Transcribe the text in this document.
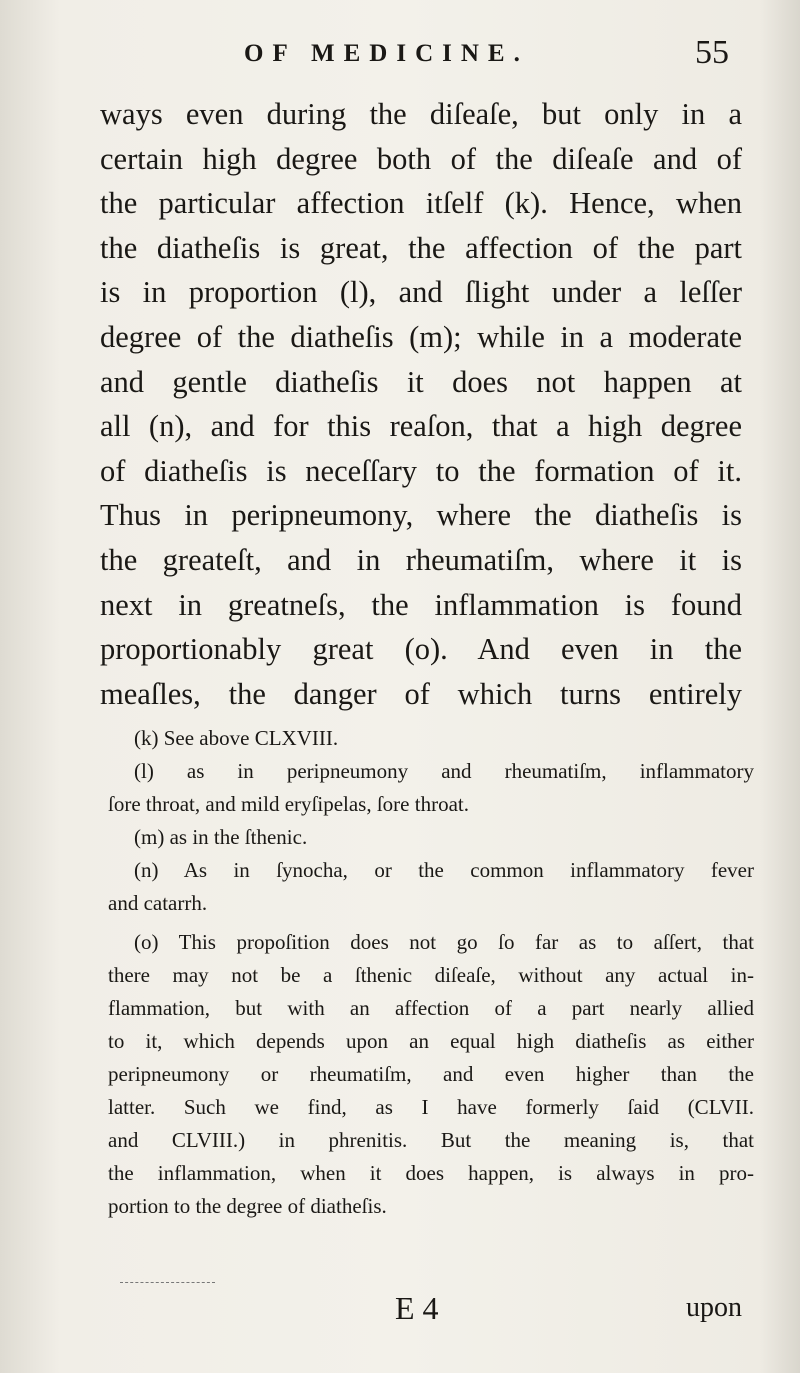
OF MEDICINE.	55
ways even during the diſeaſe, but only in a
certain high degree both of the diſeaſe and of
the particular affection itſelf (k). Hence, when
the diatheſis is great, the affection of the part
is in proportion (l), and ſlight under a leſſer
degree of the diatheſis (m); while in a moderate
and gentle diatheſis it does not happen at
all (n), and for this reaſon, that a high degree
of diatheſis is neceſſary to the formation of it.
Thus in peripneumony, where the diatheſis is
the greateſt, and in rheumatiſm, where it is
next in greatneſs, the inflammation is found
proportionably great (o). And even in the
meaſles, the danger of which turns entirely
(k) See above CLXVIII.
(l) as in peripneumony and rheumatiſm, inflammatory
ſore throat, and mild eryſipelas, ſore throat.
(m) as in the ſthenic.
(n) As in ſynocha, or the common inflammatory fever
and catarrh.
(o) This propoſition does not go ſo far as to aſſert, that
there may not be a ſthenic diſeaſe, without any actual in-
flammation, but with an affection of a part nearly allied
to it, which depends upon an equal high diatheſis as either
peripneumony or rheumatiſm, and even higher than the
latter. Such we find, as I have formerly ſaid (CLVII.
and CLVIII.) in phrenitis. But the meaning is, that
the inflammation, when it does happen, is always in pro-
portion to the degree of diatheſis.
E 4	upon
